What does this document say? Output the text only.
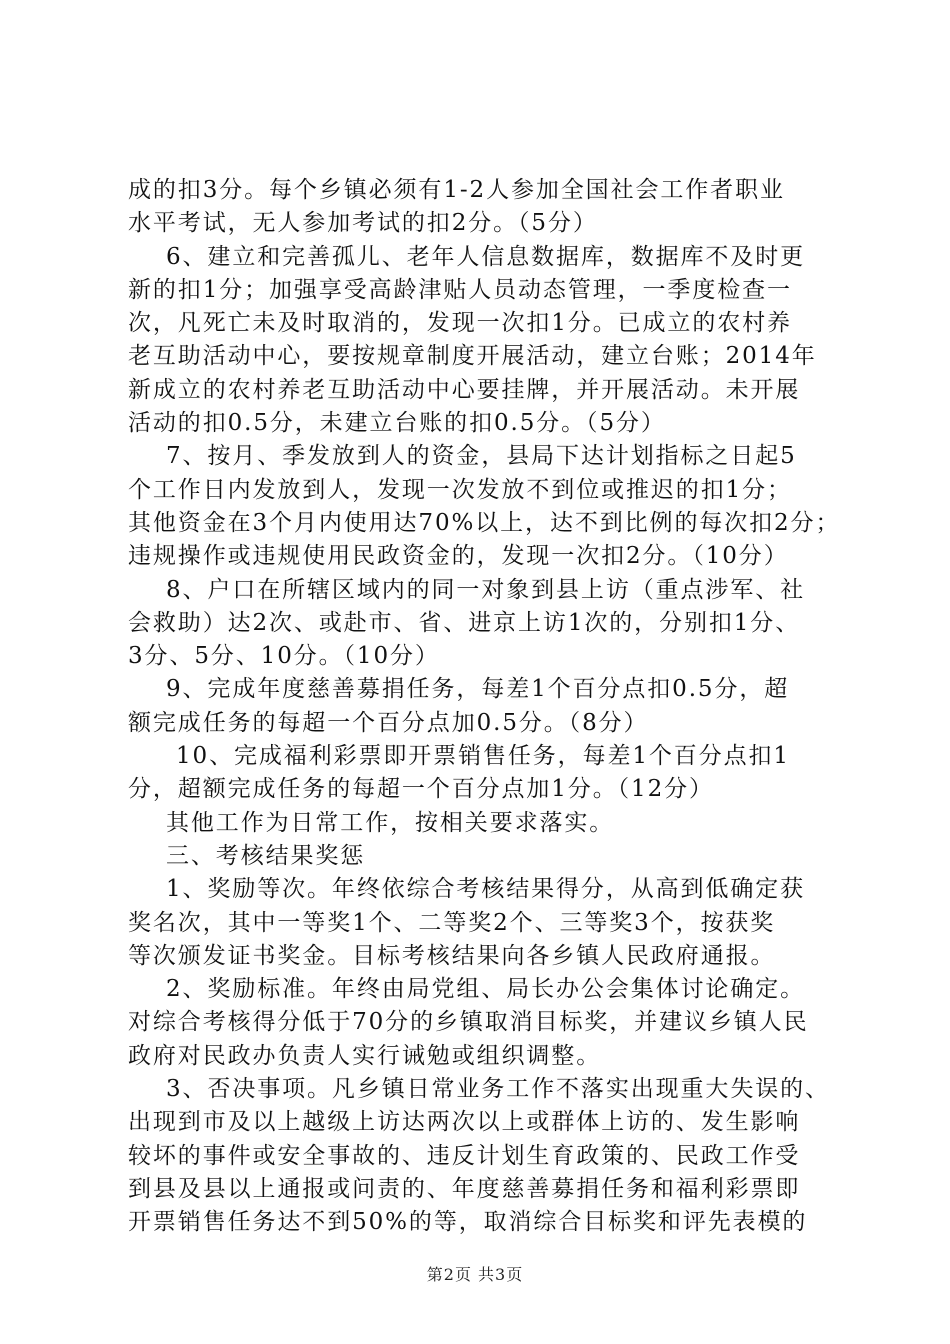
成的扣3分。每个乡镇必须有1-2人参加全国社会工作者职业
水平考试，无人参加考试的扣2分。（5分）
6、建立和完善孤儿、老年人信息数据库，数据库不及时更
新的扣1分；加强享受高龄津贴人员动态管理，一季度检查一
次，凡死亡未及时取消的，发现一次扣1分。已成立的农村养
老互助活动中心，要按规章制度开展活动，建立台账；2014年
新成立的农村养老互助活动中心要挂牌，并开展活动。未开展
活动的扣0.5分，未建立台账的扣0.5分。（5分）
7、按月、季发放到人的资金，县局下达计划指标之日起5
个工作日内发放到人，发现一次发放不到位或推迟的扣1分；
其他资金在3个月内使用达70%以上，达不到比例的每次扣2分；
违规操作或违规使用民政资金的，发现一次扣2分。（10分）
8、户口在所辖区域内的同一对象到县上访（重点涉军、社
会救助）达2次、或赴市、省、进京上访1次的，分别扣1分、
3分、5分、10分。（10分）
9、完成年度慈善募捐任务，每差1个百分点扣0.5分，超
额完成任务的每超一个百分点加0.5分。（8分）
10、完成福利彩票即开票销售任务，每差1个百分点扣1
分，超额完成任务的每超一个百分点加1分。（12分）
其他工作为日常工作，按相关要求落实。
三、考核结果奖惩
1、奖励等次。年终依综合考核结果得分，从高到低确定获
奖名次，其中一等奖1个、二等奖2个、三等奖3个，按获奖
等次颁发证书奖金。目标考核结果向各乡镇人民政府通报。
2、奖励标准。年终由局党组、局长办公会集体讨论确定。
对综合考核得分低于70分的乡镇取消目标奖，并建议乡镇人民
政府对民政办负责人实行诫勉或组织调整。
3、否决事项。凡乡镇日常业务工作不落实出现重大失误的、
出现到市及以上越级上访达两次以上或群体上访的、发生影响
较坏的事件或安全事故的、违反计划生育政策的、民政工作受
到县及县以上通报或问责的、年度慈善募捐任务和福利彩票即
开票销售任务达不到50%的等，取消综合目标奖和评先表模的
第2页 共3页
